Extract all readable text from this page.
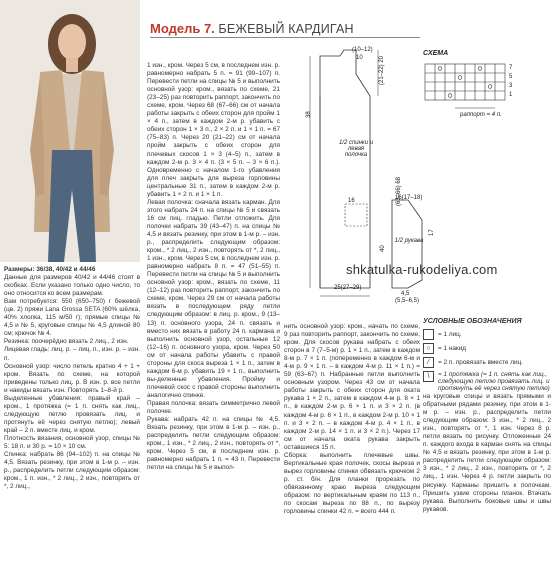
Модель 7. БЕЖЕВЫЙ КАРДИГАН

Размеры: 36/38, 40/42 и 44/46

Данные для размеров 40/42 и 44/46 стоят в скобках. Если указано только одно число, то оно относится ко всем размерам.

Вам потребуется: 550 (650–750) г бежевой (цв. 2) пряжи Lana Grossa SETA (60% шёлка, 40% хлопка, 115 м/50 г); прямые спицы № 4,5 и № 5, круговые спицы № 4,5 длиной 80 см; крючок № 4.

Резинка: поочерёдно вязать 2 лиц., 2 изн.

Лицевая гладь: лиц. р. – лиц. п., изн. р. – изн. п.

Основной узор: число петель кратно 4 + 1 + кром. Вязать по схеме, на которой приведены только лиц. р. В изн. р. все петли и накиды вязать изн. Повторять 1–8-й р.

Выделенные убавления: правый край – кром., 1 протяжка (= 1 п. снять как лиц., следующую петлю провязать лиц. и протянуть её через снятую петлю); левый край – 2 п. вместе лиц. и кром.

Плотность вязания, основной узор, спицы № 5: 18 п. и 30 р. = 10 × 10 см.

Спинка: набрать 86 (94–102) п. на спицы № 4,5. Вязать резинку, при этом в 1-м р. – изн. р., распределить петли следующим образом: кром., 1 п. изн., * 2 лиц., 2 изн., повторять от *, 2 лиц.,

1 изн., кром. Через 5 см, в последнем изн. р. равномерно набрать 5 п. = 91 (99–107) п. Перевести петли на спицы № 5 и выполнить основной узор: кром., вязать по схеме, 21 (23–25) раз повторить раппорт, закончить по схеме, кром. Через 68 (67–66) см от начала работы закрыть с обеих сторон для пройм 1 × 4 п., затем в каждом 2-м р. убавить с обеих сторон 1 × 3 п., 2 × 2 п. и 1 × 1 п. = 67 (75–83) п. Через 20 (21–22) см от начала пройм закрыть с обеих сторон для плечевых скосов 1 × 3 (4–5) п., затем в каждом 2-м р. 3 × 4 п. (3 × 5 п. – 3 × 6 п.). Одновременно с началом 1-го убавления для плеч закрыть для выреза горловины центральные 31 п., затем в каждом 2-м р. убавить 1 × 2 п. и 1 × 1 п.

Левая полочка: сначала вязать карман. Для этого набрать 24 п. на спицы № 5 и связать 16 см лиц. гладью. Петли отложить. Для полочки набрать 39 (43–47) п. на спицы № 4,5 и вязать резинку, при этом в 1-м р. – изн. р., распределить следующим образом: кром., * 2 лиц., 2 изн., повторять от *, 2 лиц., 1 изн., кром. Через 5 см, в последнем изн. р. равномерно набрать 8 п. = 47 (51–55) п. Перевести петли на спицы № 5 и выполнить основной узор: кром., вязать по схеме, 11 (12–12) раз повторить раппорт, закончить по схеме, кром. Через 29 см от начала работы вязать в последующем ряду петли следующим образом: в лиц. р. кром., 9 (13–13) п. основного узора, 24 п. связать и вместо них вязать в работу 24 п. кармана и выполнить основной узор, остальные 12 (12–16) п. основного узора, кром. Через 50 см от начала работы убавить с правой стороны для скоса выреза 1 × 1 п., затем в каждом 6-м р. убавить 19 × 1 п., выполнить вы-деленные убавления. Пройму и плечевой скос с правой стороны выполнить аналогично спинке.

Правая полочка: вязать симметрично левой полочке.

Рукава: набрать 42 п. на спицы № 4,5. Вязать резинку, при этом в 1-м р. – изн. р., распределить петли следующим образом: кром., 1 изн., * 2 лиц., 2 изн., повторять от *, кром. Через 5 см, в последнем изн. р. равномерно набрать 1 п. = 43 п. Перевести петли на спицы № 5 и выпол-

(10–12)
10	(21–22) 20
38
(63–66) 68
1/2 спинки и левая полочка
25(27–29)
16	16(17–18)
1/2 рукава
40
17
4,5
(5,5–6,5)
СХЕМА
7
5
3
1
раппорт = 4 п.
shkatulka-rukodeliya.com

нить основной узор: кром., начать по схеме, 9 раз повторить раппорт, закончить по схеме, кром. Для скосов рукава набрать с обеих сторон в 7 (7–5-м) р. 1 × 1 п., затем в каждом 8-м р. 7 × 1 п. (попеременно в каждом 6-м и 4-м р. 9 × 1 п. – в каждом 4-м р. 11 × 1 п.) = 59 (63–67) п. Набранные петли выполнить основным узором. Через 43 см от начала работы закрыть с обеих сторон для оката рукава 1 × 2 п., затем в каждом 4-м р. 8 × 1 п., в каждом 2-м р. 6 × 1 п. и 3 × 2 п. (в каждом 4-м р. 6 × 1 п., в каждом 2-м р. 10 × 1 п. и 3 × 2 п. – в каждом 4-м р. 4 × 1 п., в каждом 2-м р. 14 × 1 п. и 3 × 2 п.). Через 17 см от начала оката рукава закрыть оставшиеся 15 п.

Сборка: выполнить плечевые швы. Вертикальные края полочек, скосы выреза и вырез горловины спинки обвязать крючком 2 р. ст. б/н. Для планки прорезать по обвязанному краю выреза следующим образом: по вертикальным краям по 113 п., по скосам выреза по 88 п., по вырезу горловины спинки 42 п. = всего 444 п.

УСЛОВНЫЕ ОБОЗНАЧЕНИЯ
= 1 лиц.
○	= 1 накид
⁄	= 2 п. провязать вместе лиц.
\	= 1 протяжка (= 1 п. снять как лиц., следующую петлю провязать лиц. и протянуть её через снятую петлю)

на круговые спицы и вязать прямыми и обратными рядами резинку, при этом в 1-м р. – изн. р., распределить петли следующим образом: 3 изн., * 2 лиц., 2 изн., повторять от *, 1 изн. Через 8 р. петли вязать по рисунку. Отложенные 24 п. каждого входа в карман снять на спицы № 4,5 и вязать резинку, при этом в 1-м р. распределить петли следующим образом: 3 изн., * 2 лиц., 2 изн., повторять от *, 2 лиц., 1 изн. Через 4 р. петли закрыть по рисунку. Карманы пришить к полочкам. Пришить узкие стороны планок. Втачать рукава. Выполнить боковые швы и швы рукавов.
